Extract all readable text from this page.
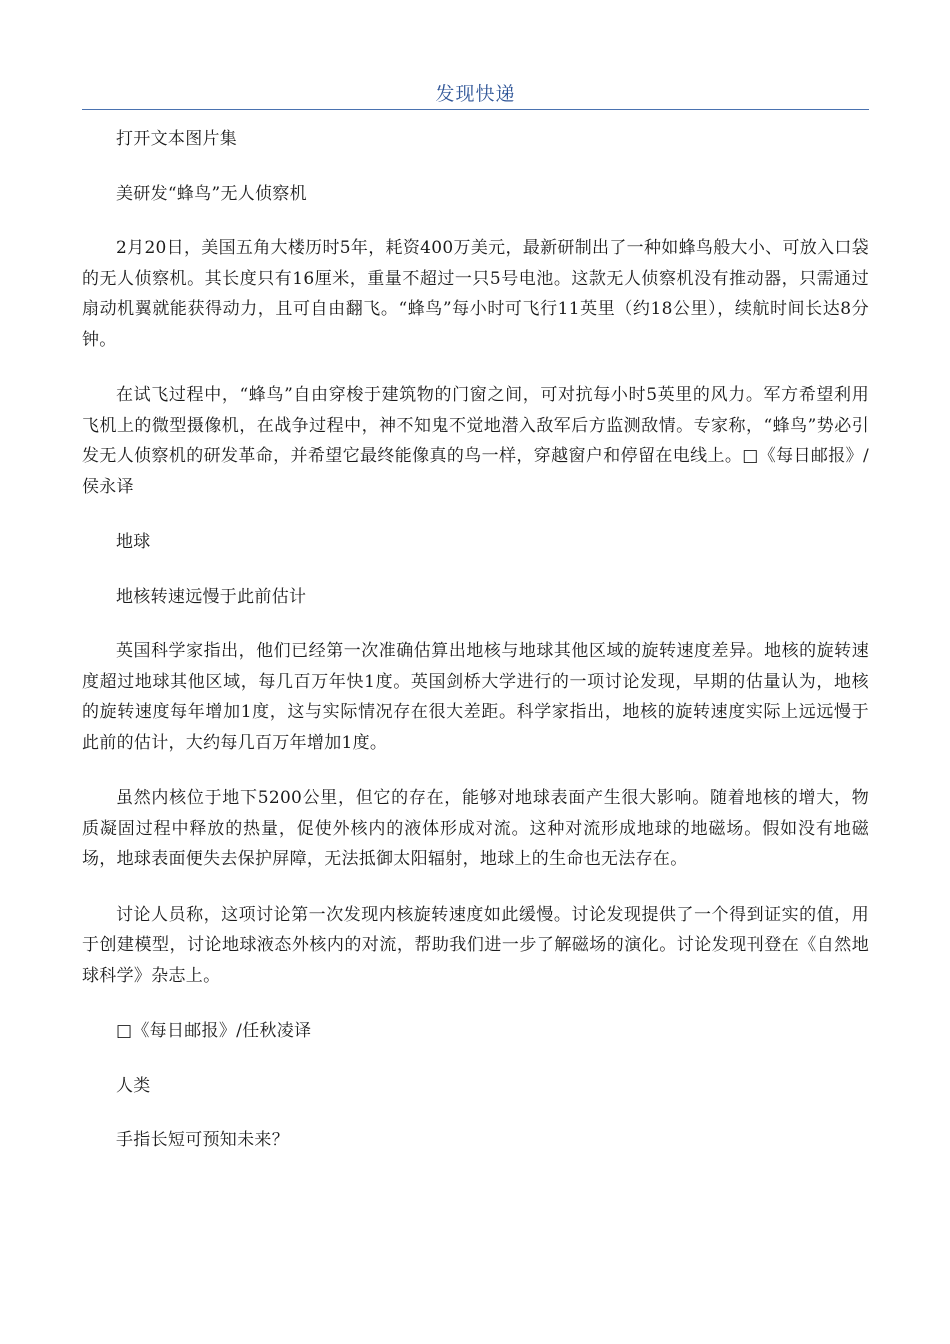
发现快递

打开文本图片集

美研发“蜂鸟”无人侦察机

2月20日，美国五角大楼历时5年，耗资400万美元，最新研制出了一种如蜂鸟般大小、可放入口袋的无人侦察机。其长度只有16厘米，重量不超过一只5号电池。这款无人侦察机没有推动器，只需通过扇动机翼就能获得动力，且可自由翻飞。“蜂鸟”每小时可飞行11英里（约18公里），续航时间长达8分钟。

在试飞过程中，“蜂鸟”自由穿梭于建筑物的门窗之间，可对抗每小时5英里的风力。军方希望利用飞机上的微型摄像机，在战争过程中，神不知鬼不觉地潜入敌军后方监测敌情。专家称，“蜂鸟”势必引发无人侦察机的研发革命，并希望它最终能像真的鸟一样，穿越窗户和停留在电线上。□《每日邮报》/侯永译

地球

地核转速远慢于此前估计

英国科学家指出，他们已经第一次准确估算出地核与地球其他区域的旋转速度差异。地核的旋转速度超过地球其他区域，每几百万年快1度。英国剑桥大学进行的一项讨论发现，早期的估量认为，地核的旋转速度每年增加1度，这与实际情况存在很大差距。科学家指出，地核的旋转速度实际上远远慢于此前的估计，大约每几百万年增加1度。

虽然内核位于地下5200公里，但它的存在，能够对地球表面产生很大影响。随着地核的增大，物质凝固过程中释放的热量，促使外核内的液体形成对流。这种对流形成地球的地磁场。假如没有地磁场，地球表面便失去保护屏障，无法抵御太阳辐射，地球上的生命也无法存在。

讨论人员称，这项讨论第一次发现内核旋转速度如此缓慢。讨论发现提供了一个得到证实的值，用于创建模型，讨论地球液态外核内的对流，帮助我们进一步了解磁场的演化。讨论发现刊登在《自然地球科学》杂志上。

□《每日邮报》/任秋凌译

人类

手指长短可预知未来？
